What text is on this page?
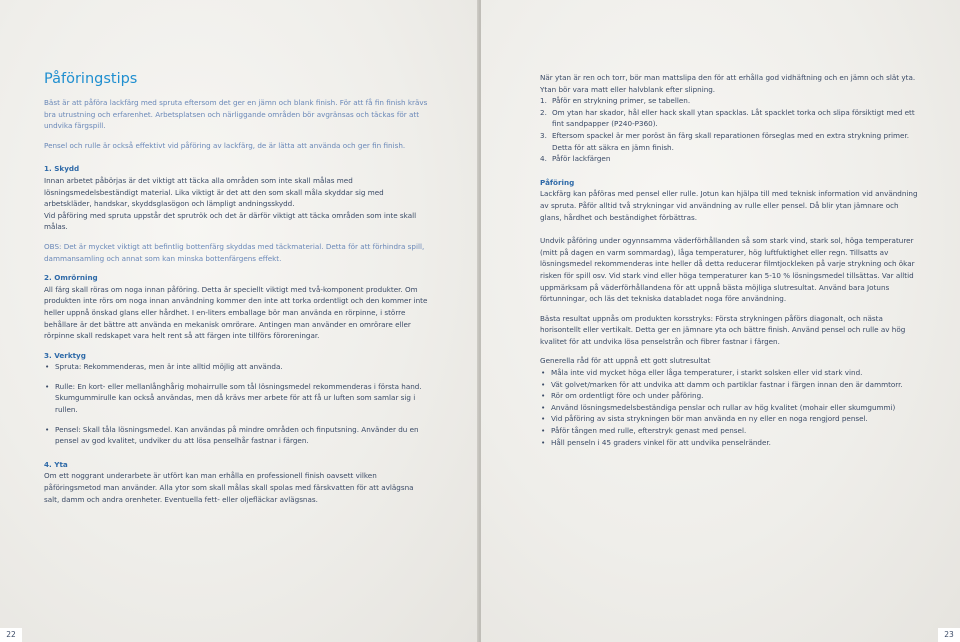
Påföringstips

Bäst är att påföra lackfärg med spruta eftersom det ger en jämn och blank finish. För att få fin finish krävs bra utrustning och erfarenhet. Arbetsplatsen och närliggande områden bör avgränsas och täckas för att undvika färgspill.

Pensel och rulle är också effektivt vid påföring av lackfärg, de är lätta att använda och ger fin finish.

1. Skydd

Innan arbetet påbörjas är det viktigt att täcka alla områden som inte skall målas med lösningsmedelsbeständigt material. Lika viktigt är det att den som skall måla skyddar sig med arbetskläder, handskar, skyddsglasögon och lämpligt andningsskydd.

Vid påföring med spruta uppstår det sprutrök och det är därför viktigt att täcka områden som inte skall målas.

OBS: Det är mycket viktigt att befintlig bottenfärg skyddas med täckmaterial. Detta för att förhindra spill, dammansamling och annat som kan minska bottenfärgens effekt.

2. Omrörning

All färg skall röras om noga innan påföring. Detta är speciellt viktigt med två-komponent produkter. Om produkten inte rörs om noga innan användning kommer den inte att torka ordentligt och den kommer inte heller uppnå önskad glans eller hårdhet. I en-liters emballage bör man använda en rörpinne, i större behållare är det bättre att använda en mekanisk omrörare. Antingen man använder en omrörare eller rörpinne skall redskapet vara helt rent så att färgen inte tillförs föroreningar.

3. Verktyg

• Spruta: Rekommenderas, men är inte alltid möjlig att använda.
• Rulle: En kort- eller mellanlånghårig mohairrulle som tål lösningsmedel rekommenderas i första hand. Skumgummirulle kan också användas, men då krävs mer arbete för att få ur luften som samlar sig i rullen.
• Pensel: Skall tåla lösningsmedel. Kan användas på mindre områden och finputsning. Använder du en pensel av god kvalitet, undviker du att lösa penselhår fastnar i färgen.

4. Yta

Om ett noggrant underarbete är utfört kan man erhålla en professionell finish oavsett vilken påföringsmetod man använder. Alla ytor som skall målas skall spolas med färskvatten för att avlägsna salt, damm och andra orenheter. Eventuella fett- eller oljefläckar avlägsnas.

22

När ytan är ren och torr, bör man mattslipa den för att erhålla god vidhäftning och en jämn och slät yta. Ytan bör vara matt eller halvblank efter slipning.

1. Påför en strykning primer, se tabellen.
2. Om ytan har skador, hål eller hack skall ytan spacklas. Låt spacklet torka och slipa försiktigt med ett fint sandpapper (P240-P360).
3. Eftersom spackel är mer poröst än färg skall reparationen förseglas med en extra strykning primer. Detta för att säkra en jämn finish.
4. Påför lackfärgen

Påföring

Lackfärg kan påföras med pensel eller rulle. Jotun kan hjälpa till med teknisk information vid användning av spruta. Påför alltid två strykningar vid användning av rulle eller pensel. Då blir ytan jämnare och glans, hårdhet och beständighet förbättras.

Undvik påföring under ogynnsamma väderförhållanden så som stark vind, stark sol, höga temperaturer (mitt på dagen en varm sommardag), låga temperaturer, hög luftfuktighet eller regn. Tillsatts av lösningsmedel rekommenderas inte heller då detta reducerar filmtjockleken på varje strykning och ökar risken för spill osv. Vid stark vind eller höga temperaturer kan 5-10 % lösningsmedel tillsättas. Var alltid uppmärksam på väderförhållandena för att uppnå bästa möjliga slutresultat. Använd bara Jotuns förtunningar, och läs det tekniska databladet noga före användning.

Bästa resultat uppnås om produkten korsstryks: Första strykningen påförs diagonalt, och nästa horisontellt eller vertikalt. Detta ger en jämnare yta och bättre finish. Använd pensel och rulle av hög kvalitet för att undvika lösa penselstrån och fibrer fastnar i färgen.

Generella råd för att uppnå ett gott slutresultat

• Måla inte vid mycket höga eller låga temperaturer, i starkt solsken eller vid stark vind.
• Vät golvet/marken för att undvika att damm och partiklar fastnar i färgen innan den är dammtorr.
• Rör om ordentligt före och under påföring.
• Använd lösningsmedelsbeständiga penslar och rullar av hög kvalitet (mohair eller skumgummi)
• Vid påföring av sista strykningen bör man använda en ny eller en noga rengjord pensel.
• Påför tången med rulle, efterstryk genast med pensel.
• Håll penseln i 45 graders vinkel för att undvika penselränder.
23
